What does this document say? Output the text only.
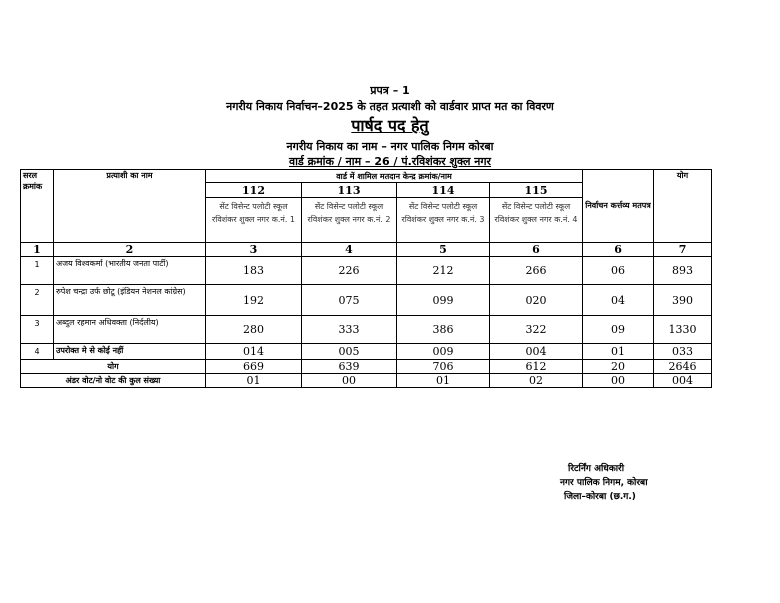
प्रपत्र – 1
नगरीय निकाय निर्वाचन–2025 के तहत प्रत्याशी को वार्डवार प्राप्त मत का विवरण
पार्षद पद हेतु
नगरीय निकाय का नाम – नगर पालिक निगम कोरबा
वार्ड क्रमांक / नाम – 26 / पं.रविशंकर शुक्ल नगर
सरल क्रमांक	प्रत्याशी का नाम	वार्ड में शामिल मतदान केन्द्र क्रमांक/नाम				निर्वाचन कर्त्तव्य मतपत्र	योग
		112	113	114	115		
		सेंट विसेन्ट पलोटी स्कूल रविशंकर शुक्ल नगर क.नं. 1	सेंट विसेन्ट पलोटी स्कूल रविशंकर शुक्ल नगर क.नं. 2	सेंट विसेन्ट पलोटी स्कूल रविशंकर शुक्ल नगर क.नं. 3	सेंट विसेन्ट पलोटी स्कूल रविशंकर शुक्ल नगर क.नं. 4		
1	2	3	4	5	6	6	7
1	अजय विश्वकर्मा (भारतीय जनता पार्टी)	183	226	212	266	06	893
2	रुपेश चन्द्रा उर्फ छोटू (इंडियन नेशनल कांग्रेस)	192	075	099	020	04	390
3	अब्दुल रहमान अधिवक्ता (निर्दलीय)	280	333	386	322	09	1330
4	उपरोक्त मे से कोई नहीं	014	005	009	004	01	033
योग		669	639	706	612	20	2646
अंडर वोट/नो वोट की कुल संख्या		01	00	01	02	00	004
रिटर्निंग अधिकारी
नगर पालिक निगम, कोरबा
जिला–कोरबा (छ.ग.)
